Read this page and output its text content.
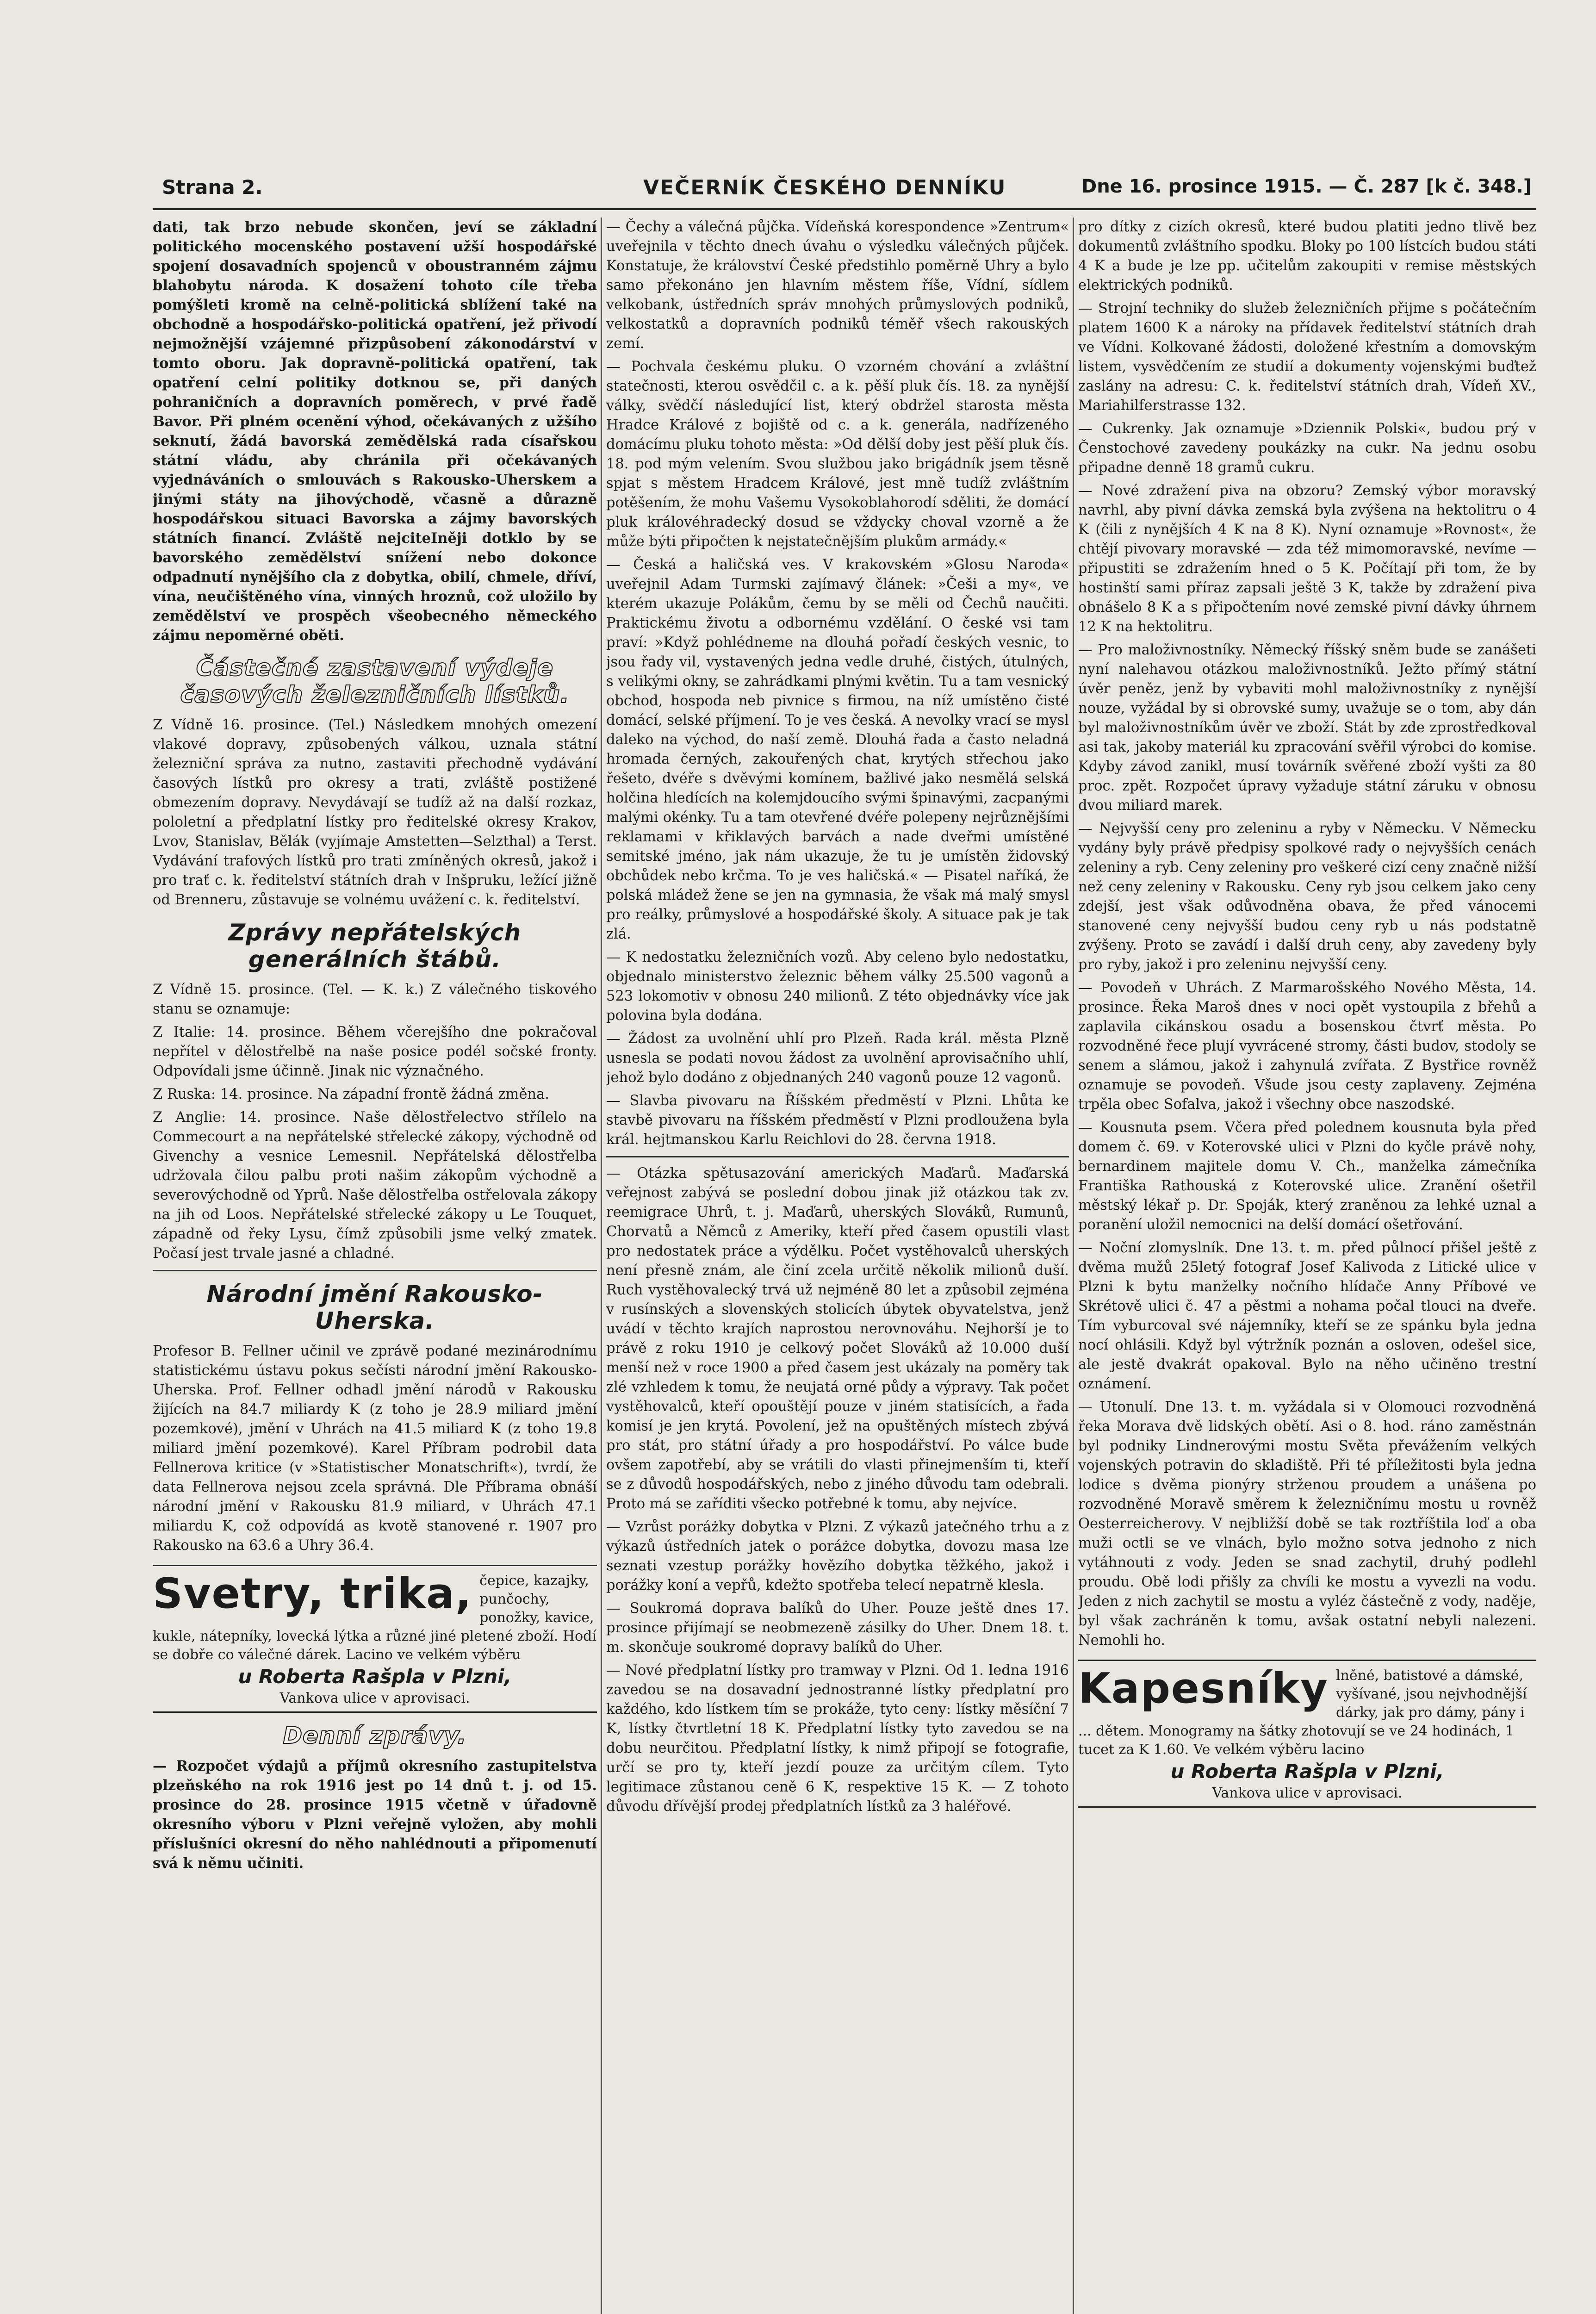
Strana 2.	VEČERNÍK ČESKÉHO DENNÍKU	Dne 16. prosince 1915. — Č. 287 [k č. 348.]

dati, tak brzo nebude skončen, jeví se základní politického mocenského postavení užší hospodářské spojení dosavadních spojenců v oboustranném zájmu blahobytu národa. K dosažení tohoto cíle třeba pomýšleti kromě na celně-politická sblížení také na obchodně a hospodářsko-politická opatření, jež přivodí nejmožnější vzájemné přizpůsobení zákonodárství v tomto oboru. Jak dopravně-politická opatření, tak opatření celní politiky dotknou se, při daných pohraničních a dopravních poměrech, v prvé řadě Bavor. Při plném ocenění výhod, očekávaných z užšího seknutí, žádá bavorská zemědělská rada císařskou státní vládu, aby chránila při očekávaných vyjednáváních o smlouvách s Rakousko-Uherskem a jinými státy na jihovýchodě, včasně a důrazně hospodářskou situaci Bavorska a zájmy bavorských státních financí. Zvláště nejciteIněji dotklo by se bavorského zemědělství snížení nebo dokonce odpadnutí nynějšího cla z dobytka, obilí, chmele, dříví, vína, neučištěného vína, vinných hroznů, což uložilo by zemědělství ve prospěch všeobecného německého zájmu nepoměrné oběti.

Částečné zastavení výdeje časových železničních lístků.

Z Vídně 16. prosince. (Tel.) Následkem mnohých omezení vlakové dopravy, způsobených válkou, uznala státní železniční správa za nutno, zastaviti přechodně vydávání časových lístků pro okresy a trati, zvláště postižené obmezením dopravy. Nevydávají se tudíž až na další rozkaz, pololetní a předplatní lístky pro ředitelské okresy Krakov, Lvov, Stanislav, Bělák (vyjímaje Amstetten—Selzthal) a Terst. Vydávání trafových lístků pro trati zmíněných okresů, jakož i pro trať c. k. ředitelství státních drah v Inšpruku, ležící jižně od Brenneru, zůstavuje se volnému uvážení c. k. ředitelství.

Zprávy nepřátelských generálních štábů.

Z Vídně 15. prosince. (Tel. — K. k.) Z válečného tiskového stanu se oznamuje:

Z Italie: 14. prosince. Během včerejšího dne pokračoval nepřítel v dělostřelbě na naše posice podél sočské fronty. Odpovídali jsme účinně. Jinak nic význačného.

Z Ruska: 14. prosince. Na západní frontě žádná změna.

Z Anglie: 14. prosince. Naše dělostřelectvo střílelo na Commecourt a na nepřátelské střelecké zákopy, východně od Givenchy a vesnice Lemesnil. Nepřátelská dělostřelba udržovala čilou palbu proti našim zákopům východně a severovýchodně od Yprů. Naše dělostřelba ostřelovala zákopy na jih od Loos. Nepřátelské střelecké zákopy u Le Touquet, západně od řeky Lysu, čímž způsobili jsme velký zmatek. Počasí jest trvale jasné a chladné.

Národní jmění Rakousko-Uherska.

Profesor B. Fellner učinil ve zprávě podané mezinárodnímu statistickému ústavu pokus sečísti národní jmění Rakousko-Uherska. Prof. Fellner odhadl jmění národů v Rakousku žijících na 84.7 miliardy K (z toho je 28.9 miliard jmění pozemkové), jmění v Uhrách na 41.5 miliard K (z toho 19.8 miliard jmění pozemkové). Karel Příbram podrobil data Fellnerova kritice (v »Statistischer Monatschrift«), tvrdí, že data Fellnerova nejsou zcela správná. Dle Příbrama obnáší národní jmění v Rakousku 81.9 miliard, v Uhrách 47.1 miliardu K, což odpovídá as kvotě stanovené r. 1907 pro Rakousko na 63.6 a Uhry 36.4.

Svetry, trika, čepice, kazajky, punčochy, ponožky, kavice, kukle, nátepníky, lovecká lýtka a různé jiné pletené zboží. Hodí se dobře co válečné dárek. Lacino ve velkém výběru
u Roberta Rašpla v Plzni,
Vankova ulice v aprovisaci.
Denní zprávy.

— Rozpočet výdajů a příjmů okresního zastupitelstva plzeňského na rok 1916 jest po 14 dnů t. j. od 15. prosince do 28. prosince 1915 včetně v úřadovně okresního výboru v Plzni veřejně vyložen, aby mohli příslušníci okresní do něho nahlédnouti a připomenutí svá k němu učiniti.

— Čechy a válečná půjčka. Vídeňská korespondence »Zentrum« uveřejnila v těchto dnech úvahu o výsledku válečných půjček. Konstatuje, že království České předstihlo poměrně Uhry a bylo samo překonáno jen hlavním městem říše, Vídní, sídlem velkobank, ústředních správ mnohých průmyslových podniků, velkostatků a dopravních podniků téměř všech rakouských zemí.

— Pochvala českému pluku. O vzorném chování a zvláštní statečnosti, kterou osvědčil c. a k. pěší pluk čís. 18. za nynější války, svědčí následující list, který obdržel starosta města Hradce Králové z bojiště od c. a k. generála, nadřízeného domácímu pluku tohoto města: »Od dělší doby jest pěší pluk čís. 18. pod mým velením. Svou službou jako brigádník jsem těsně spjat s městem Hradcem Králové, jest mně tudíž zvláštním potěšením, že mohu Vašemu Vysokoblahorodí sděliti, že domácí pluk královéhradecký dosud se vždycky choval vzorně a že může býti připočten k nejstatečnějším plukům armády.«

— Česká a haličská ves. V krakovském »Glosu Naroda« uveřejnil Adam Turmski zajímavý článek: »Češi a my«, ve kterém ukazuje Polákům, čemu by se měli od Čechů naučiti. Praktickému životu a odbornému vzdělání. O české vsi tam praví: »Když pohlédneme na dlouhá pořadí českých vesnic, to jsou řady vil, vystavených jedna vedle druhé, čistých, útulných, s velikými okny, se zahrádkami plnými květin. Tu a tam vesnický obchod, hospoda neb pivnice s firmou, na níž umístěno čisté domácí, selské příjmení. To je ves česká. A nevolky vrací se mysl daleko na východ, do naší země. Dlouhá řada a často neladná hromada černých, zakouřených chat, krytých střechou jako řešeto, dvéře s dvěvými komínem, bažlivé jako nesmělá selská holčina hledících na kolemjdoucího svými špinavými, zacpanými malými okénky. Tu a tam otevřené dvéře polepeny nejrůznějšími reklamami v křiklavých barvách a nade dveřmi umístěné semitské jméno, jak nám ukazuje, že tu je umístěn židovský obchůdek nebo krčma. To je ves haličská.« — Pisatel naříká, že polská mládež žene se jen na gymnasia, že však má malý smysl pro reálky, průmyslové a hospodářské školy. A situace pak je tak zlá.

— K nedostatku železničních vozů. Aby celeno bylo nedostatku, objednalo ministerstvo železnic během války 25.500 vagonů a 523 lokomotiv v obnosu 240 milionů. Z této objednávky více jak polovina byla dodána.

— Žádost za uvolnění uhlí pro Plzeň. Rada král. města Plzně usnesla se podati novou žádost za uvolnění aprovisačního uhlí, jehož bylo dodáno z objednaných 240 vagonů pouze 12 vagonů.

— Slavba pivovaru na Říšském předměstí v Plzni. Lhůta ke stavbě pivovaru na říšském předměstí v Plzni prodloužena byla král. hejtmanskou Karlu Reichlovi do 28. června 1918.

— Otázka spětusazování amerických Maďarů. Maďarská veřejnost zabývá se poslední dobou jinak již otázkou tak zv. reemigrace Uhrů, t. j. Maďarů, uherských Slováků, Rumunů, Chorvatů a Němců z Ameriky, kteří před časem opustili vlast pro nedostatek práce a výdělku. Počet vystěhovalců uherských není přesně znám, ale činí zcela určitě několik milionů duší. Ruch vystěhovalecký trvá už nejméně 80 let a způsobil zejména v rusínských a slovenských stolicích úbytek obyvatelstva, jenž uvádí v těchto krajích naprostou nerovnováhu. Nejhorší je to právě z roku 1910 je celkový počet Slováků až 10.000 duší menší než v roce 1900 a před časem jest ukázaly na poměry tak zlé vzhledem k tomu, že neujatá orné půdy a výpravy. Tak počet vystěhovalců, kteří opouštějí pouze v jiném statisících, a řada komisí je jen krytá. Povolení, jež na opuštěných místech zbývá pro stát, pro státní úřady a pro hospodářství. Po válce bude ovšem zapotřebí, aby se vrátili do vlasti přinejmenším ti, kteří se z důvodů hospodářských, nebo z jiného důvodu tam odebrali. Proto má se zaříditi všecko potřebné k tomu, aby nejvíce.

— Vzrůst poráżky dobytka v Plzni. Z výkazů jatečného trhu a z výkazů ústředních jatek o poráżce dobytka, dovozu masa lze seznati vzestup porážky hovězího dobytka těžkého, jakož i porážky koní a vepřů, kdežto spotřeba telecí nepatrně klesla.

— Soukromá doprava balíků do Uher. Pouze ještě dnes 17. prosince přijímají se neobmezeně zásilky do Uher. Dnem 18. t. m. skončuje soukromé dopravy balíků do Uher.

— Nové předplatní lístky pro tramway v Plzni. Od 1. ledna 1916 zavedou se na dosavadní jednostranné lístky předplatní pro každého, kdo lístkem tím se prokáže, tyto ceny: lístky měsíční 7 K, lístky čtvrtletní 18 K. Předplatní lístky tyto zavedou se na dobu neurčitou. Předplatní lístky, k nimž připojí se fotografie, určí se pro ty, kteří jezdí pouze za určitým cílem. Tyto legitimace zůstanou ceně 6 K, respektive 15 K. — Z tohoto důvodu dřívější prodej předplatních lístků za 3 haléřové.

pro dítky z cizích okresů, které budou platiti jedno tlivě bez dokumentů zvláštního spodku. Bloky po 100 lístcích budou státi 4 K a bude je lze pp. učitelům zakoupiti v remise městských elektrických podniků.

— Strojní techniky do služeb železničních přijme s počátečním platem 1600 K a nároky na přídavek ředitelství státních drah ve Vídni. Kolkované žádosti, doložené křestním a domovským listem, vysvědčením ze studií a dokumenty vojenskými buďtež zaslány na adresu: C. k. ředitelství státních drah, Vídeň XV., Mariahilferstrasse 132.

— Cukrenky. Jak oznamuje »Dziennik Polski«, budou prý v Čenstochové zavedeny poukázky na cukr. Na jednu osobu připadne denně 18 gramů cukru.

— Nové zdražení piva na obzoru? Zemský výbor moravský navrhl, aby pivní dávka zemská byla zvýšena na hektolitru o 4 K (čili z nynějších 4 K na 8 K). Nyní oznamuje »Rovnost«, že chtějí pivovary moravské — zda též mimomoravské, nevíme — připustiti se zdražením hned o 5 K. Počítají při tom, že by hostinští sami příraz zapsali ještě 3 K, takže by zdražení piva obnášelo 8 K a s připočtením nové zemské pivní dávky úhrnem 12 K na hektolitru.

— Pro maloživnostníky. Německý říšský sněm bude se zanášeti nyní nalehavou otázkou maloživnostníků. Ježto přímý státní úvěr peněz, jenž by vybaviti mohl maloživnostníky z nynější nouze, vyžádal by si obrovské sumy, uvažuje se o tom, aby dán byl maloživnostníkům úvěr ve zboží. Stát by zde zprostředkoval asi tak, jakoby materiál ku zpracování svěřil výrobci do komise. Kdyby závod zanikl, musí továrník svěřené zboží vyšti za 80 proc. zpět. Rozpočet úpravy vyžaduje státní záruku v obnosu dvou miliard marek.

— Nejvyšší ceny pro zeleninu a ryby v Německu. V Německu vydány byly právě předpisy spolkové rady o nejvyšších cenách zeleniny a ryb. Ceny zeleniny pro veškeré cizí ceny značně nižší než ceny zeleniny v Rakousku. Ceny ryb jsou celkem jako ceny zdejší, jest však odůvodněna obava, že před vánocemi stanovené ceny nejvyšší budou ceny ryb u nás podstatně zvýšeny. Proto se zavádí i další druh ceny, aby zavedeny byly pro ryby, jakož i pro zeleninu nejvyšší ceny.

— Povodeň v Uhrách. Z Marmarošského Nového Města, 14. prosince. Řeka Maroš dnes v noci opět vystoupila z břehů a zaplavila cikánskou osadu a bosenskou čtvrť města. Po rozvodněné řece plují vyvrácené stromy, části budov, stodoly se senem a slámou, jakož i zahynulá zvířata. Z Bystřice rovněž oznamuje se povodeň. Všude jsou cesty zaplaveny. Zejména trpěla obec Sofalva, jakož i všechny obce naszodské.

— Kousnuta psem. Včera před polednem kousnuta byla před domem č. 69. v Koterovské ulici v Plzni do kyčle právě nohy, bernardinem majitele domu V. Ch., manželka zámečníka Františka Rathouská z Koterovské ulice. Zranění ošetřil městský lékař p. Dr. Spoják, který zraněnou za lehké uznal a poranění uložil nemocnici na delší domácí ošetřování.

— Noční zlomyslník. Dne 13. t. m. před půlnocí přišel ještě z dvěma mužů 25letý fotograf Josef Kalivoda z Litické ulice v Plzni k bytu manželky nočního hlídače Anny Příbové ve Skrétově ulici č. 47 a pěstmi a nohama počal tlouci na dveře. Tím vyburcoval své nájemníky, kteří se ze spánku byla jedna nocí ohlásili. Když byl výtržník poznán a osloven, odešel sice, ale jestě dvakrát opakoval. Bylo na něho učiněno trestní oznámení.

— Utonulí. Dne 13. t. m. vyžádala si v Olomouci rozvodněná řeka Morava dvě lidských obětí. Asi o 8. hod. ráno zaměstnán byl podniky Lindnerovými mostu Světa převážením velkých vojenských potravin do skladiště. Při té příležitosti byla jedna lodice s dvěma pionýry strženou proudem a unášena po rozvodněné Moravě směrem k železničnímu mostu u rovněž Oesterreicherovy. V nejbližší době se tak roztříštila loď a oba muži octli se ve vlnách, bylo možno sotva jednoho z nich vytáhnouti z vody. Jeden se snad zachytil, druhý podlehl proudu. Obě lodi přišly za chvíli ke mostu a vyvezli na vodu. Jeden z nich zachytil se mostu a vyléz částečně z vody, naděje, byl však zachráněn k tomu, avšak ostatní nebyli nalezeni. Nemohli ho.

Kapesníky lněné, batistové a dámské, vyšívané, jsou nejvhodnější dárky, jak pro dámy, pány i ... dětem. Monogramy na šátky zhotovují se ve 24 hodinách, 1 tucet za K 1.60. Ve velkém výběru lacino
u Roberta Rašpla v Plzni,
Vankova ulice v aprovisaci.
